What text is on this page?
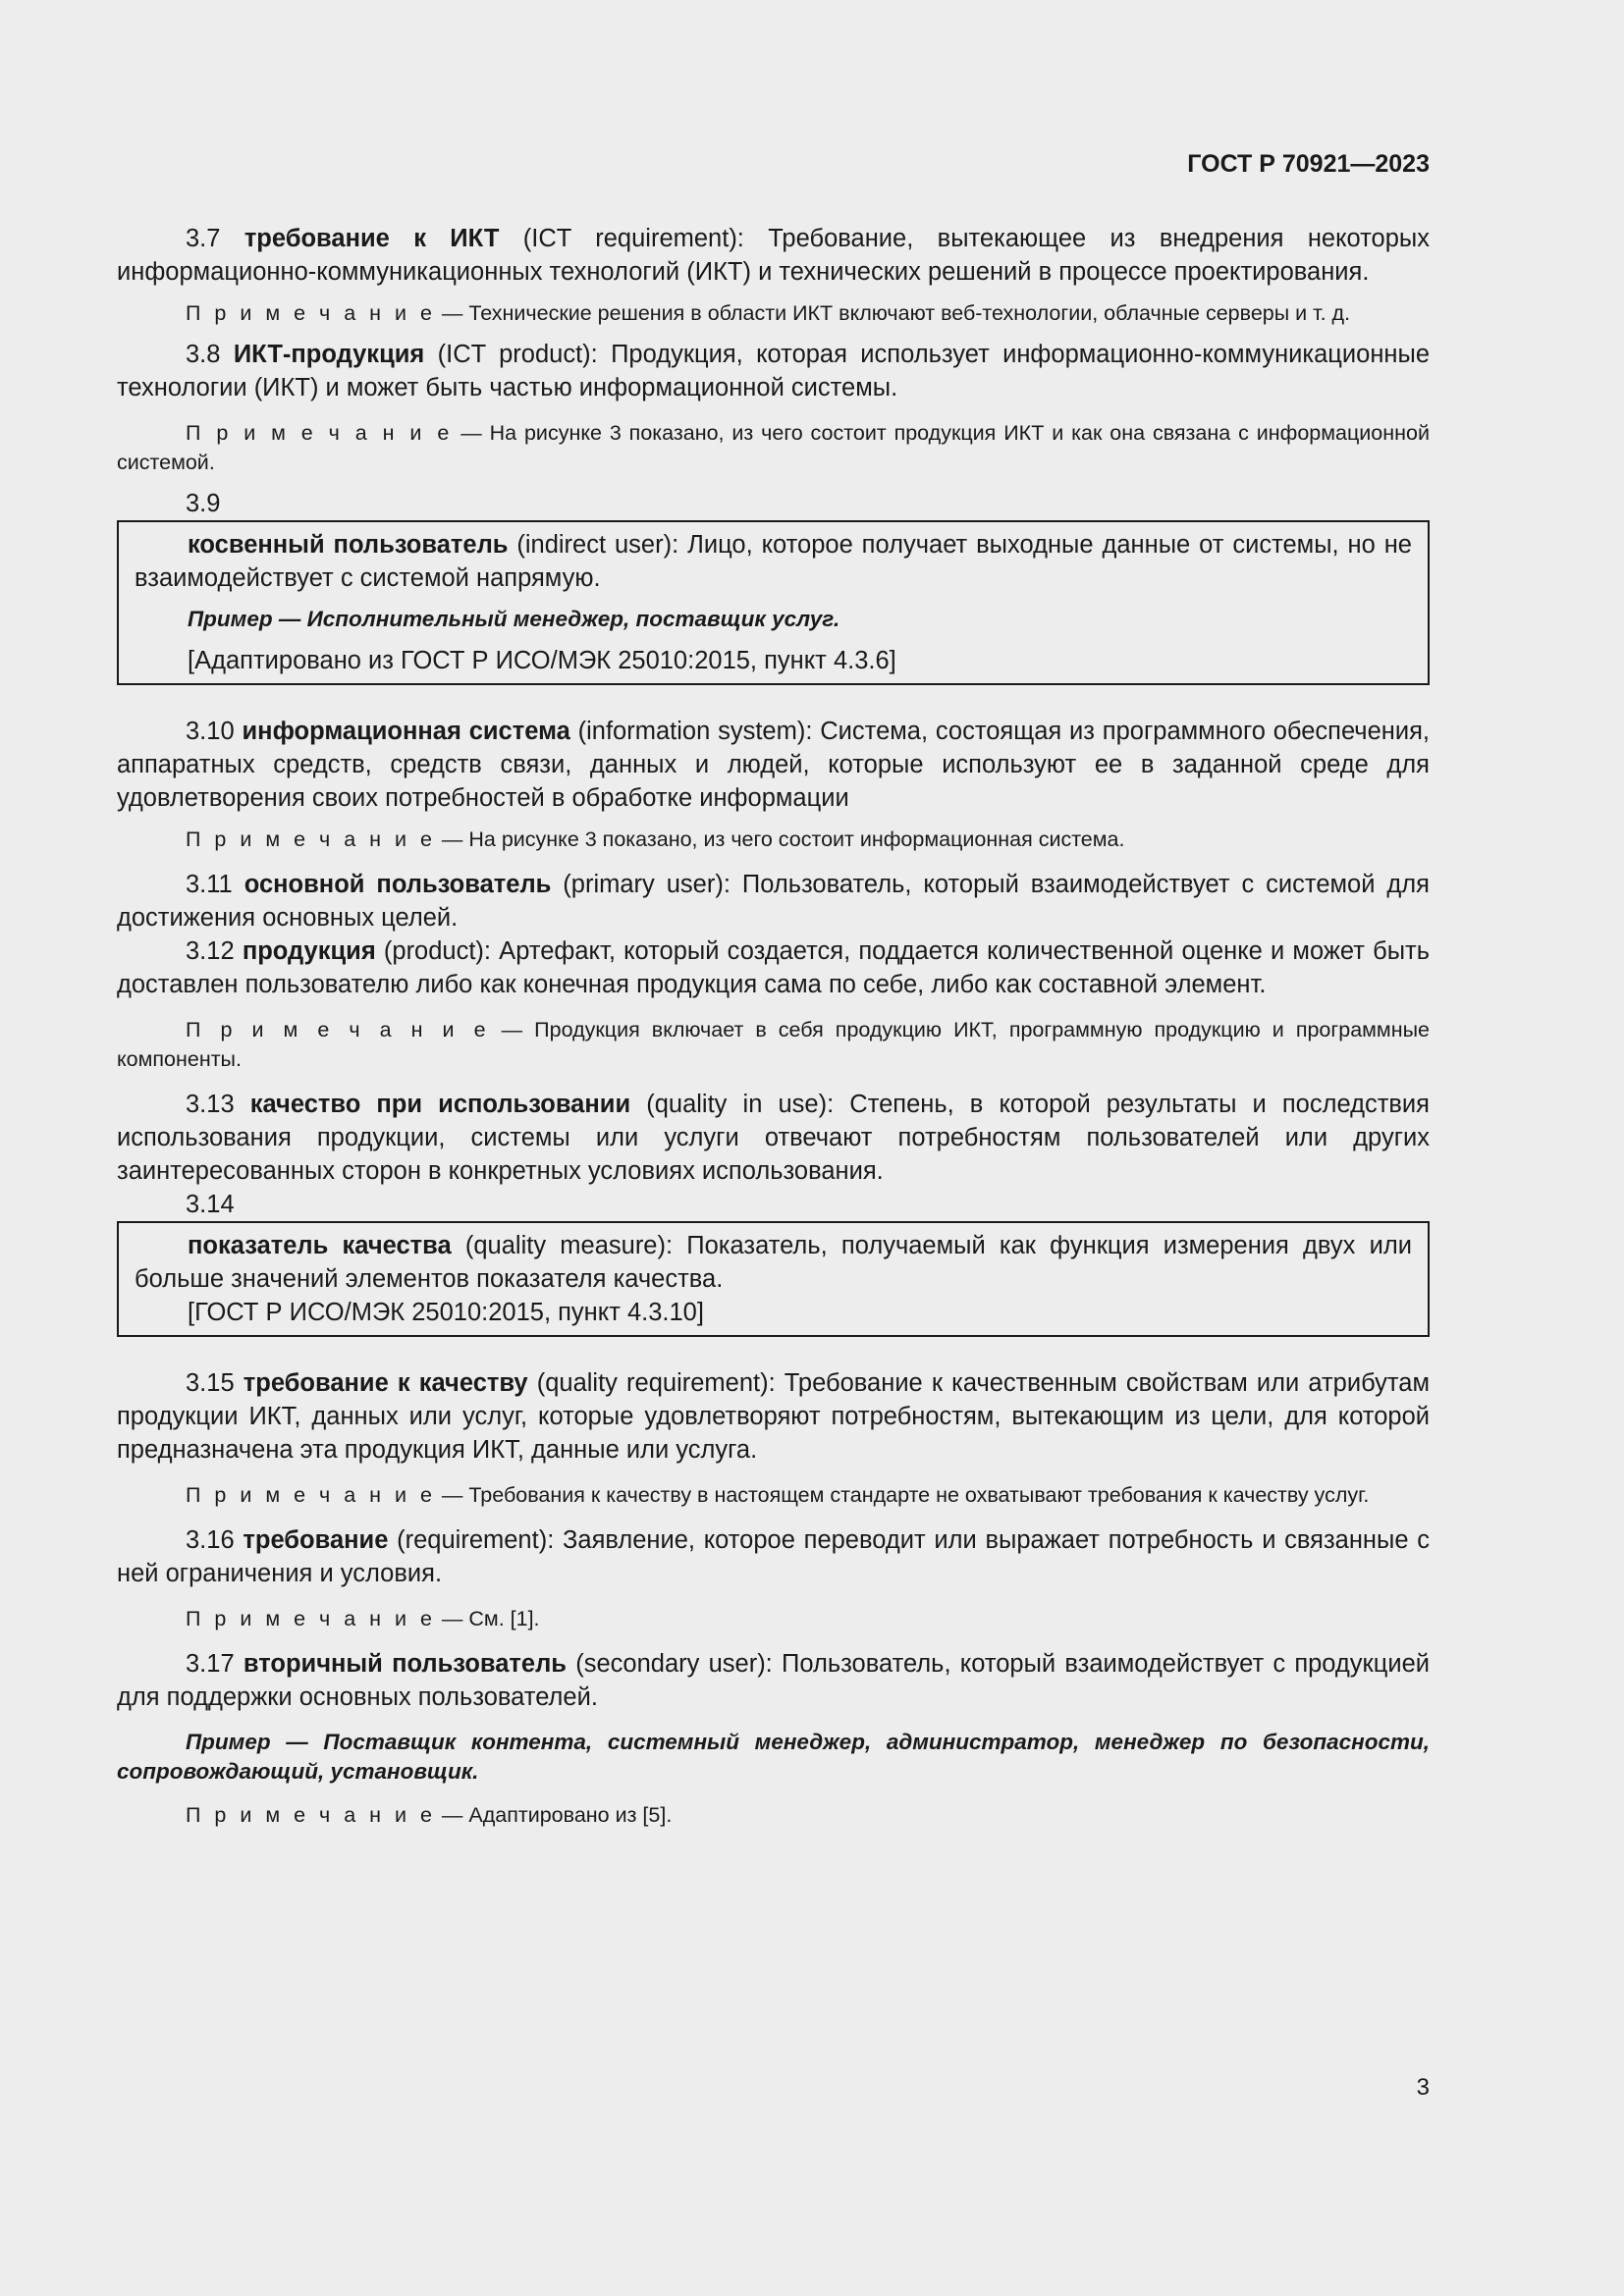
ГОСТ Р 70921—2023

3.7 требование к ИКТ (ICT requirement): Требование, вытекающее из внедрения некоторых информационно-коммуникационных технологий (ИКТ) и технических решений в процессе проектирования.

П р и м е ч а н и е — Технические решения в области ИКТ включают веб-технологии, облачные серверы и т. д.

3.8 ИКТ-продукция (ICT product): Продукция, которая использует информационно-коммуникационные технологии (ИКТ) и может быть частью информационной системы.

П р и м е ч а н и е — На рисунке 3 показано, из чего состоит продукция ИКТ и как она связана с информационной системой.

3.9

косвенный пользователь (indirect user): Лицо, которое получает выходные данные от системы, но не взаимодействует с системой напрямую.

Пример — Исполнительный менеджер, поставщик услуг.

[Адаптировано из ГОСТ Р ИСО/МЭК 25010:2015, пункт 4.3.6]

3.10 информационная система (information system): Система, состоящая из программного обеспечения, аппаратных средств, средств связи, данных и людей, которые используют ее в заданной среде для удовлетворения своих потребностей в обработке информации

П р и м е ч а н и е — На рисунке 3 показано, из чего состоит информационная система.

3.11 основной пользователь (primary user): Пользователь, который взаимодействует с системой для достижения основных целей.

3.12 продукция (product): Артефакт, который создается, поддается количественной оценке и может быть доставлен пользователю либо как конечная продукция сама по себе, либо как составной элемент.

П р и м е ч а н и е — Продукция включает в себя продукцию ИКТ, программную продукцию и программные компоненты.

3.13 качество при использовании (quality in use): Степень, в которой результаты и последствия использования продукции, системы или услуги отвечают потребностям пользователей или других заинтересованных сторон в конкретных условиях использования.

3.14

показатель качества (quality measure): Показатель, получаемый как функция измерения двух или больше значений элементов показателя качества.

[ГОСТ Р ИСО/МЭК 25010:2015, пункт 4.3.10]

3.15 требование к качеству (quality requirement): Требование к качественным свойствам или атрибутам продукции ИКТ, данных или услуг, которые удовлетворяют потребностям, вытекающим из цели, для которой предназначена эта продукция ИКТ, данные или услуга.

П р и м е ч а н и е — Требования к качеству в настоящем стандарте не охватывают требования к качеству услуг.

3.16 требование (requirement): Заявление, которое переводит или выражает потребность и связанные с ней ограничения и условия.

П р и м е ч а н и е — См. [1].

3.17 вторичный пользователь (secondary user): Пользователь, который взаимодействует с продукцией для поддержки основных пользователей.

Пример — Поставщик контента, системный менеджер, администратор, менеджер по безопасности, сопровождающий, установщик.

П р и м е ч а н и е — Адаптировано из [5].

3
